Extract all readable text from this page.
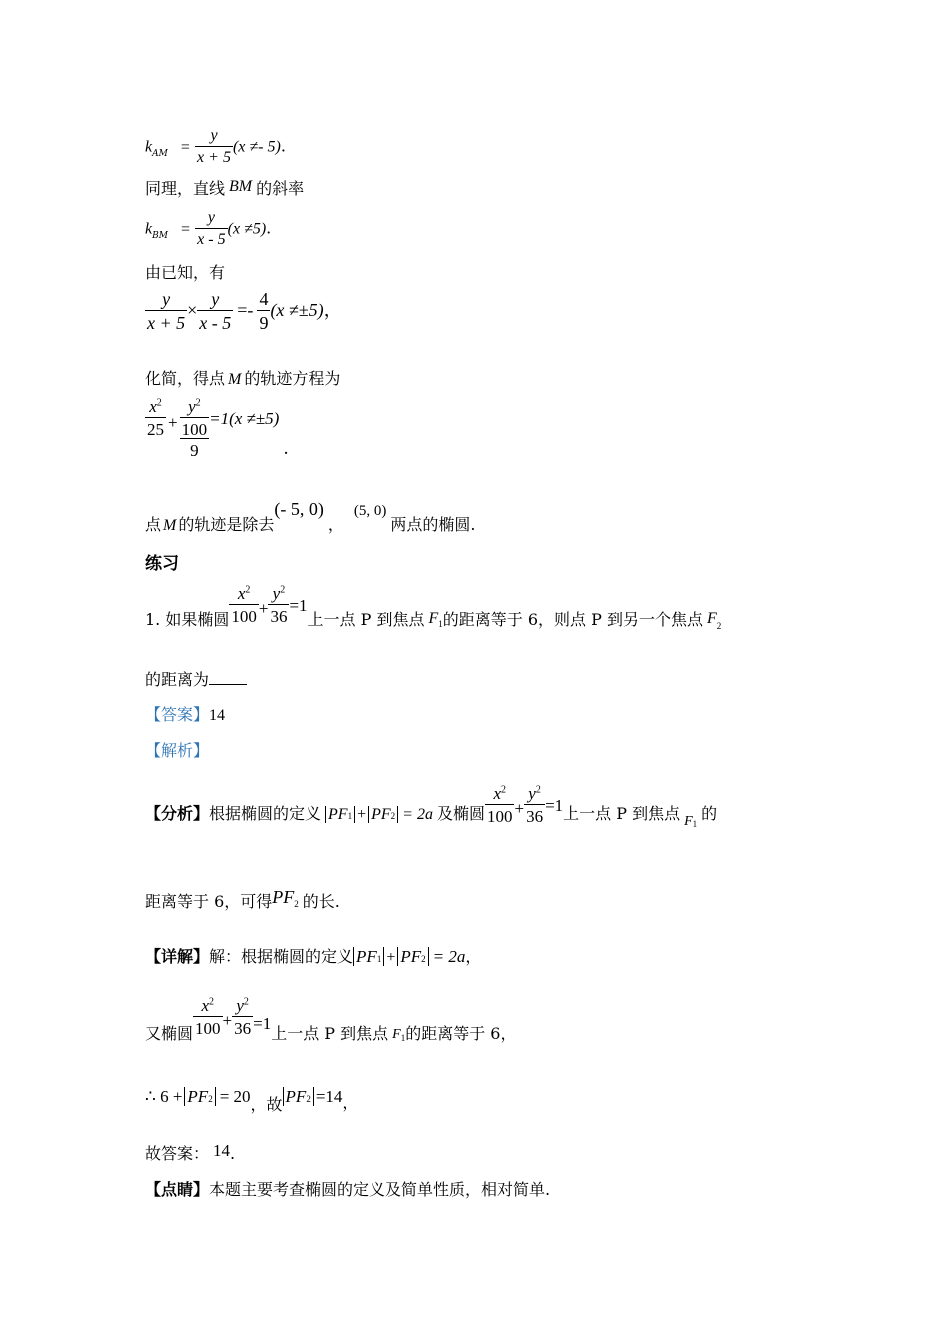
$k_{AM} = \frac{y}{x + 5} (x \ne- 5)$.
同理，直线 BM 的斜率
$k_{BM} = \frac{y}{x - 5} (x \ne 5)$.
由已知，有
$\frac{y}{x + 5} \times \frac{y}{x - 5} =- \frac{4}{9} (x \ne\pm 5)$，
化简，得点 M 的轨迹方程为
$\frac{x^2}{25}$ +
$y^2$
100
9
=1(x ≠±5).
点 M 的轨迹是除去(- 5, 0)，(5, 0)两点的椭圆.
练习
1. 如果椭圆 $\frac{x^2}{100} + \frac{y^2}{36} =1$上一点 P 到焦点 $F_1$的距离等于 6，则点 P 到另一个焦点 $F_2$
的距离为
【答案】14
【解析】
【分析】根据椭圆的定义 PF1 + PF2 = 2a 及椭圆 $\frac{x^2}{100} + \frac{y^2}{36} =1$上一点 P 到焦点 $F_1$的
距离等于 6，可得$PF_2$ 的长.
【详解】解：根据椭圆的定义 PF1 + PF2 = 2a，
又椭圆 $\frac{x^2}{100} + \frac{y^2}{36} =1$上一点 P 到焦点 $F_1$的距离等于 6，
∴ 6 + PF2 = 20，故 PF2 =14，
故答案： 14.
【点睛】本题主要考查椭圆的定义及简单性质，相对简单.
